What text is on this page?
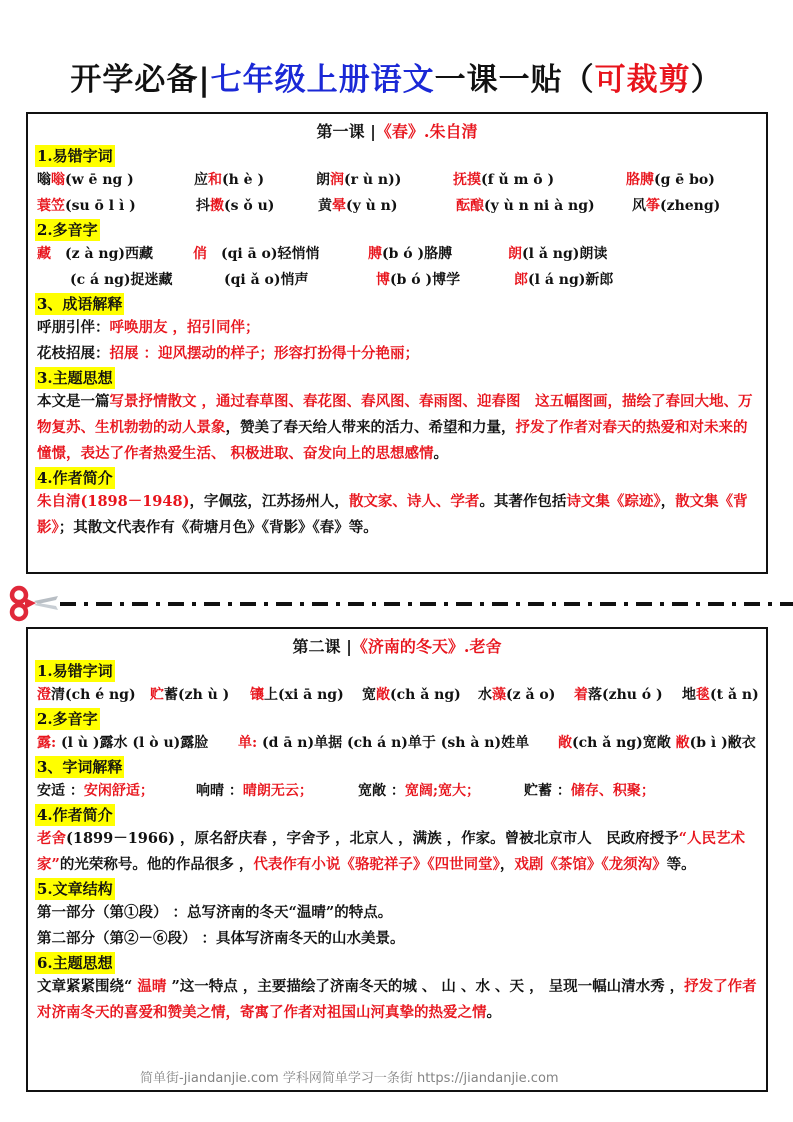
开学必备|七年级上册语文一课一贴（可裁剪）
第一课 |《春》.朱自清
1.易错字词
嗡嗡(w ē ng )	应和(h è )	朗润(r ù n))	抚摸(f ǔ m ō )	胳膊(g ē bo)
蓑笠(su ō l ì )	抖擞(s ǒ u)	黄晕(y ù n)	酝酿(y ù n ni à ng)	风筝(zheng)
2.多音字
藏　 (z à ng)西藏	俏　 (qi ā o)轻悄悄	膊(b ó )胳膊	朗(l ǎ ng)朗读
(c á ng)捉迷藏	(qi ǎ o)悄声	博(b ó )博学	郎(l á ng)新郎
3、成语解释
呼朋引伴：呼唤朋友 ，招引同伴；
花枝招展：招展 ：迎风摆动的样子；形容打扮得十分艳丽；
3.主题思想
本文是一篇写景抒情散文 ，通过春草图、春花图、春风图、春雨图、迎春图　这五幅图画，描绘了春回大地、万物复苏、生机勃勃的动人景象，赞美了春天给人带来的活力、希望和力量，抒发了作者对春天的热爱和对未来的憧憬，表达了作者热爱生活、 积极进取、奋发向上的思想感情。
4.作者简介
朱自清(1898－1948)，字佩弦，江苏扬州人，散文家、诗人、学者。其著作包括诗文集《踪迹》，散文集《背影》；其散文代表作有《荷塘月色》《背影》《春》等。
第二课 |《济南的冬天》.老舍
1.易错字词
澄清(ch é ng) 贮蓄(zh ù ) 镶上(xi ā ng) 宽敞(ch ǎ ng) 水藻(z ǎ o) 着落(zhu ó ) 地毯(t ǎ n)
2.多音字
露: (l ù )露水 (l ò u)露脸 单: (d ā n)单据 (ch á n)单于 (sh à n)姓单 敞(ch ǎ ng)宽敞 敝(b ì )敝衣
3、字词解释
安适 ：安闲舒适；	响晴 ：晴朗无云；	宽敞 ：宽阔;宽大；	贮蓄 ：储存、积聚；
4.作者简介
老舍(1899－1966) ，原名舒庆春 ，字舍予 ，北京人 ，满族 ，作家。曾被北京市人　民政府授予“人民艺术家”的光荣称号。他的作品很多 ，代表作有小说《骆驼祥子》《四世同堂》，戏剧《茶馆》《龙须沟》等。
5.文章结构
第一部分（第①段） ：总写济南的冬天“温晴”的特点。
第二部分（第②－⑥段） ：具体写济南冬天的山水美景。
6.主题思想
文章紧紧围绕“ 温晴 ”这一特点 ，主要描绘了济南冬天的城 、 山 、水 、天 ， 呈现一幅山清水秀 ，抒发了作者对济南冬天的喜爱和赞美之情，寄寓了作者对祖国山河真挚的热爱之情。
简单街-jiandanjie.com 学科网简单学习一条街 https://jiandanjie.com
